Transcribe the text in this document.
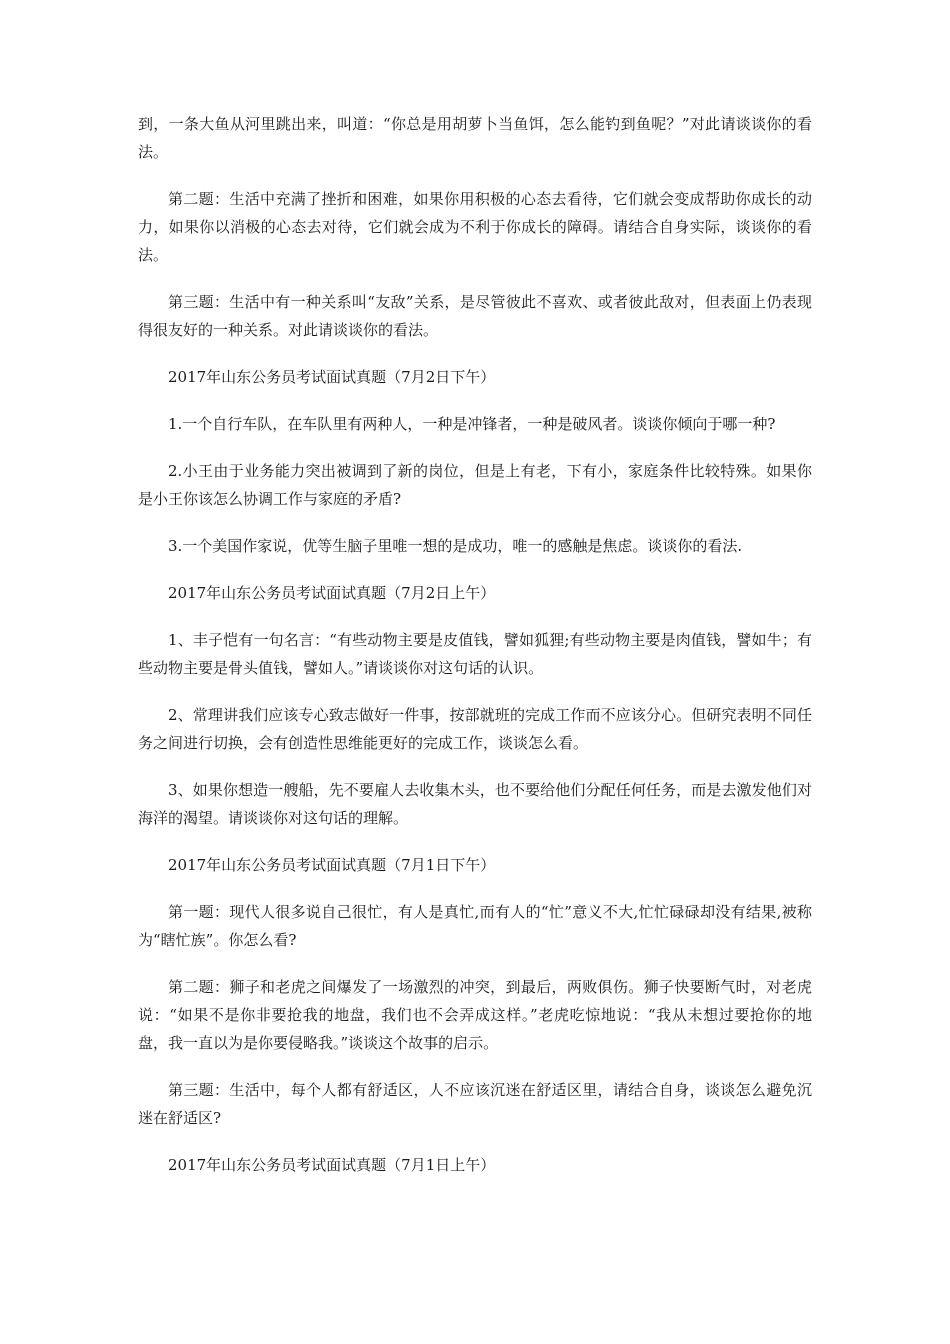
到，一条大鱼从河里跳出来，叫道：“你总是用胡萝卜当鱼饵，怎么能钓到鱼呢？”对此请谈谈你的看法。

第二题：生活中充满了挫折和困难，如果你用积极的心态去看待，它们就会变成帮助你成长的动力，如果你以消极的心态去对待，它们就会成为不利于你成长的障碍。请结合自身实际，谈谈你的看法。

第三题：生活中有一种关系叫“友敌”关系，是尽管彼此不喜欢、或者彼此敌对，但表面上仍表现得很友好的一种关系。对此请谈谈你的看法。

2017年山东公务员考试面试真题（7月2日下午）

1.一个自行车队，在车队里有两种人，一种是冲锋者，一种是破风者。谈谈你倾向于哪一种?

2.小王由于业务能力突出被调到了新的岗位，但是上有老，下有小，家庭条件比较特殊。如果你是小王你该怎么协调工作与家庭的矛盾?

3.一个美国作家说，优等生脑子里唯一想的是成功，唯一的感触是焦虑。谈谈你的看法.

2017年山东公务员考试面试真题（7月2日上午）

1、丰子恺有一句名言：“有些动物主要是皮值钱，譬如狐狸;有些动物主要是肉值钱，譬如牛；有些动物主要是骨头值钱，譬如人。”请谈谈你对这句话的认识。

2、常理讲我们应该专心致志做好一件事，按部就班的完成工作而不应该分心。但研究表明不同任务之间进行切换，会有创造性思维能更好的完成工作，谈谈怎么看。

3、如果你想造一艘船，先不要雇人去收集木头，也不要给他们分配任何任务，而是去激发他们对海洋的渴望。请谈谈你对这句话的理解。

2017年山东公务员考试面试真题（7月1日下午）

第一题：现代人很多说自己很忙，有人是真忙,而有人的“忙”意义不大,忙忙碌碌却没有结果,被称为“瞎忙族”。你怎么看?

第二题：狮子和老虎之间爆发了一场激烈的冲突，到最后，两败俱伤。狮子快要断气时，对老虎说：“如果不是你非要抢我的地盘，我们也不会弄成这样。”老虎吃惊地说：“我从未想过要抢你的地盘，我一直以为是你要侵略我。”谈谈这个故事的启示。

第三题：生活中，每个人都有舒适区，人不应该沉迷在舒适区里，请结合自身，谈谈怎么避免沉迷在舒适区?

2017年山东公务员考试面试真题（7月1日上午）
